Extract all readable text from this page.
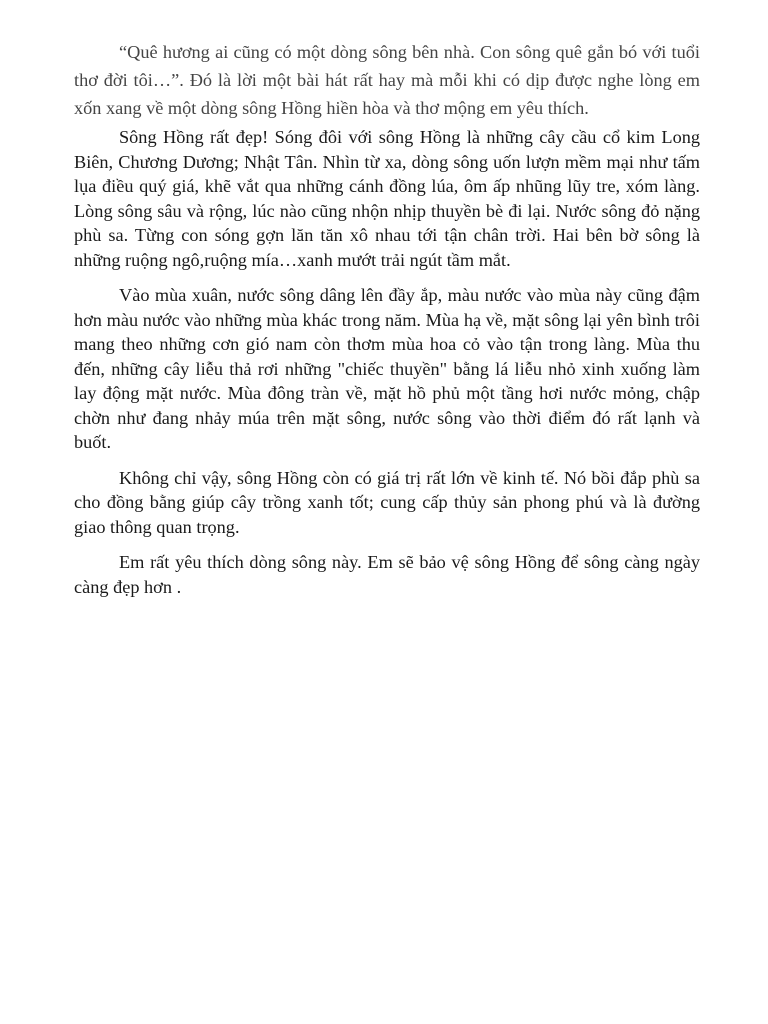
“Quê hương ai cũng có một dòng sông bên nhà. Con sông quê gắn bó với tuổi thơ đời tôi…”. Đó là lời một bài hát rất hay mà mỗi khi có dịp được nghe lòng em xốn xang về một dòng sông Hồng hiền hòa và thơ mộng em yêu thích.

Sông Hồng rất đẹp! Sóng đôi với sông Hồng là những cây cầu cổ kim Long Biên, Chương Dương; Nhật Tân. Nhìn từ xa, dòng sông uốn lượn mềm mại như tấm lụa điều quý giá, khẽ vắt qua những cánh đồng lúa, ôm ấp nhũng lũy tre, xóm làng. Lòng sông sâu và rộng, lúc nào cũng nhộn nhịp thuyền bè đi lại. Nước sông đỏ nặng phù sa. Từng con sóng gợn lăn tăn xô nhau tới tận chân trời. Hai bên bờ sông là những ruộng ngô,ruộng mía…xanh mướt trải ngút tầm mắt.

Vào mùa xuân, nước sông dâng lên đầy ắp, màu nước vào mùa này cũng đậm hơn màu nước vào những mùa khác trong năm. Mùa hạ về, mặt sông lại yên bình trôi mang theo những cơn gió nam còn thơm mùa hoa cỏ vào tận trong làng. Mùa thu đến, những cây liễu thả rơi những "chiếc thuyền" bằng lá liễu nhỏ xinh xuống làm lay động mặt nước. Mùa đông tràn về, mặt hồ phủ một tầng hơi nước mỏng, chập chờn như đang nhảy múa trên mặt sông, nước sông vào thời điểm đó rất lạnh và buốt.

Không chỉ vậy, sông Hồng còn có giá trị rất lớn về kinh tế. Nó bồi đắp phù sa cho đồng bằng giúp cây trồng xanh tốt; cung cấp thủy sản phong phú và là đường giao thông quan trọng.

Em rất yêu thích dòng sông này. Em sẽ bảo vệ sông Hồng để sông càng ngày càng đẹp hơn .
